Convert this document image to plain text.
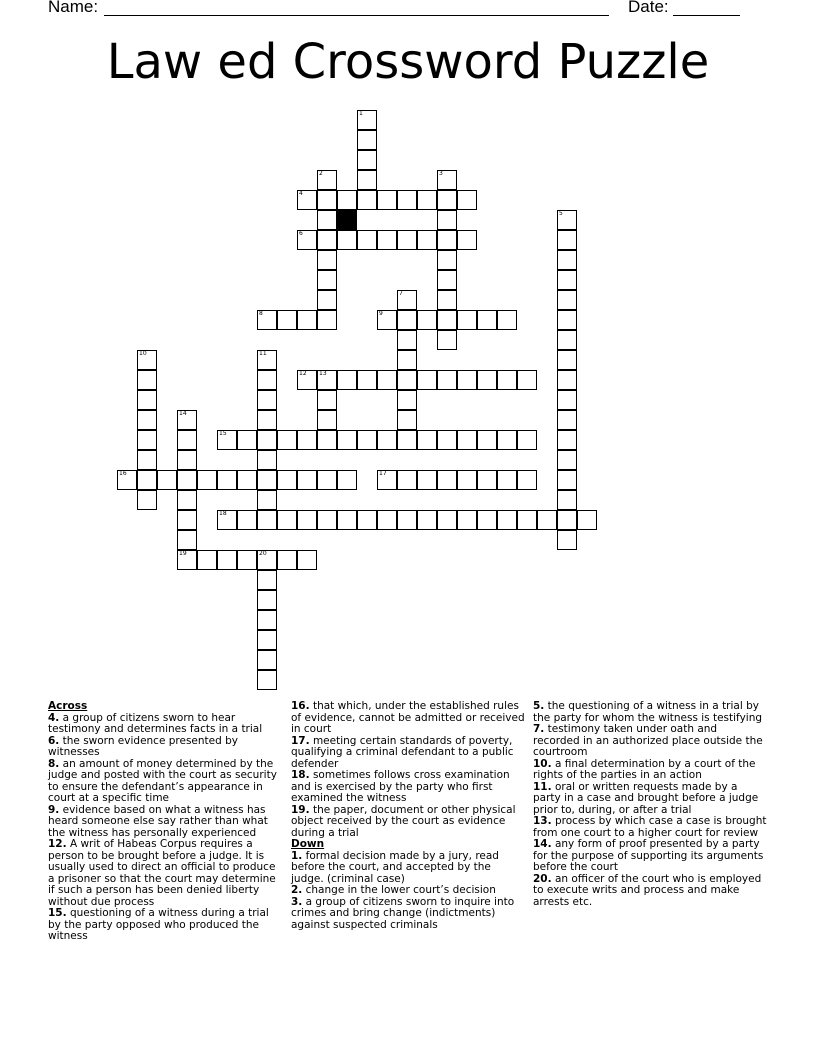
Name:	Date:
Law ed Crossword Puzzle
1
2	3
4
5
6
7
8	9
10	11
12 13
14
19
15
16	17
18
20
Across
4. a group of citizens sworn to hear testimony and determines facts in a trial
6. the sworn evidence presented by witnesses
8. an amount of money determined by the judge and posted with the court as security to ensure the defendant’s appearance in court at a specific time
9. evidence based on what a witness has heard someone else say rather than what the witness has personally experienced
12. A writ of Habeas Corpus requires a person to be brought before a judge. It is usually used to direct an official to produce a prisoner so that the court may determine if such a person has been denied liberty without due process
15. questioning of a witness during a trial by the party opposed who produced the witness
16. that which, under the established rules of evidence, cannot be admitted or received in court
17. meeting certain standards of poverty, qualifying a criminal defendant to a public defender
18. sometimes follows cross examination and is exercised by the party who first examined the witness
19. the paper, document or other physical object received by the court as evidence during a trial
Down
1. formal decision made by a jury, read before the court, and accepted by the judge. (criminal case)
2. change in the lower court’s decision
3. a group of citizens sworn to inquire into crimes and bring change (indictments) against suspected criminals
5. the questioning of a witness in a trial by the party for whom the witness is testifying
7. testimony taken under oath and recorded in an authorized place outside the courtroom
10. a final determination by a court of the rights of the parties in an action
11. oral or written requests made by a party in a case and brought before a judge prior to, during, or after a trial
13. process by which case a case is brought from one court to a higher court for review
14. any form of proof presented by a party for the purpose of supporting its arguments before the court
20. an officer of the court who is employed to execute writs and process and make arrests etc.
